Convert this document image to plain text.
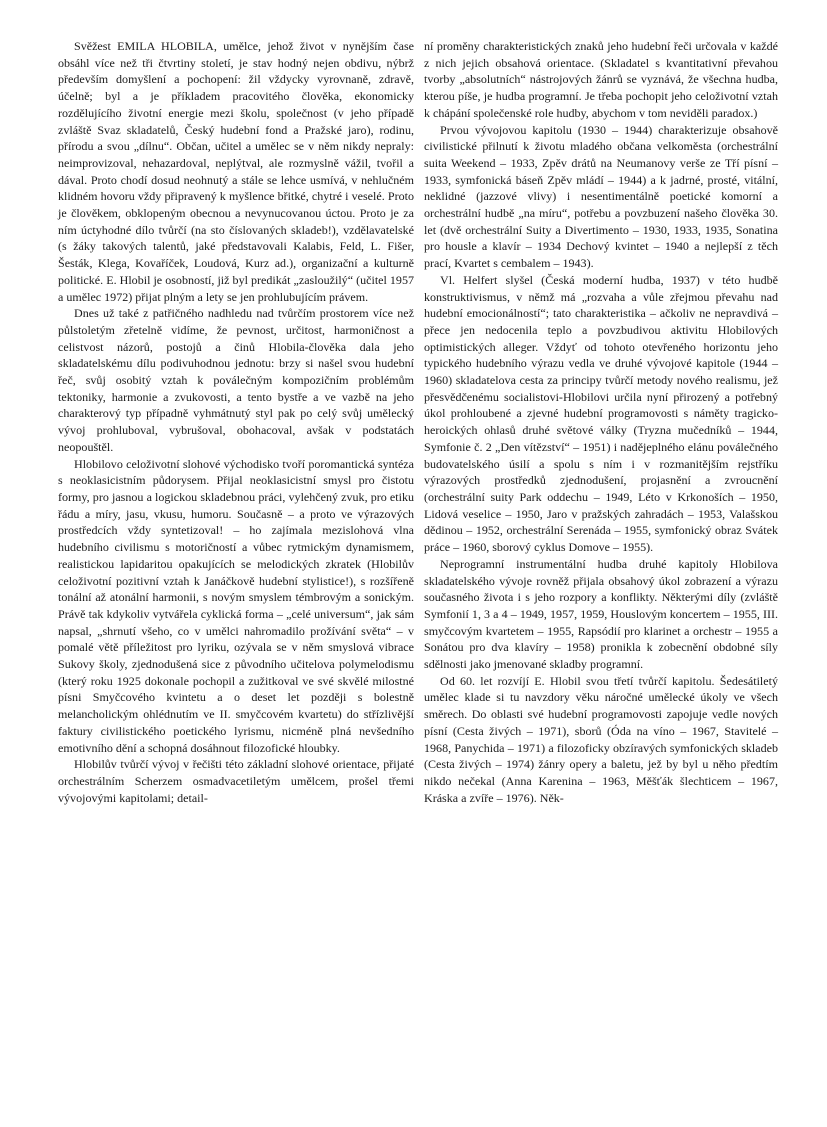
Svěžest EMILA HLOBILA, umělce, jehož život v nynějším čase obsáhl více než tři čtvrtiny století, je stav hodný nejen obdivu, nýbrž především domyšlení a pochopení: žil vždycky vyrovnaně, zdravě, účelně; byl a je příkladem pracovitého člověka, ekonomicky rozdělujícího životní energie mezi školu, společnost (v jeho případě zvláště Svaz skladatelů, Český hudební fond a Pražské jaro), rodinu, přírodu a svou „dílnu“. Občan, učitel a umělec se v něm nikdy nepraly: neimprovizoval, nehazardoval, neplýtval, ale rozmyslně vážil, tvořil a dával. Proto chodí dosud neohnutý a stále se lehce usmívá, v nehlučném klidném hovoru vždy připravený k myšlence břitké, chytré i veselé. Proto je člověkem, obklopeným obecnou a nevynucovanou úctou. Proto je za ním úctyhodné dílo tvůrčí (na sto číslovaných skladeb!), vzdělavatelské (s žáky takových talentů, jaké představovali Kalabis, Feld, L. Fišer, Šesták, Klega, Kovaříček, Loudová, Kurz ad.), organizační a kulturně politické. E. Hlobil je osobností, již byl predikát „zasloužilý“ (učitel 1957 a umělec 1972) přijat plným a lety se jen prohlubujícím právem.

Dnes už také z patřičného nadhledu nad tvůrčím prostorem více než půlstoletým zřetelně vidíme, že pevnost, určitost, harmoničnost a celistvost názorů, postojů a činů Hlobila-člověka dala jeho skladatelskému dílu podivuhodnou jednotu: brzy si našel svou hudební řeč, svůj osobitý vztah k poválečným kompozičním problémům tektoniky, harmonie a zvukovosti, a tento bystře a ve vazbě na jeho charakterový typ případně vyhmátnutý styl pak po celý svůj umělecký vývoj prohluboval, vybrušoval, obohacoval, avšak v podstatách neopouštěl.

Hlobilovo celoživotní slohové východisko tvoří poromantická syntéza s neoklasicistním půdorysem. Přijal neoklasicistní smysl pro čistotu formy, pro jasnou a logickou skladebnou práci, vylehčený zvuk, pro etiku řádu a míry, jasu, vkusu, humoru. Současně – a proto ve výrazových prostředcích vždy syntetizoval! – ho zajímala mezislohová vlna hudebního civilismu s motoričností a vůbec rytmickým dynamismem, realistickou lapidaritou opakujících se melodických zkratek (Hlobilův celoživotní pozitivní vztah k Janáčkově hudební stylistice!), s rozšířeně tonální až atonální harmonii, s novým smyslem témbrovým a sonickým. Právě tak kdykoliv vytvářela cyklická forma – „celé universum“, jak sám napsal, „shrnutí všeho, co v umělci nahromadilo prožívání světa“ – v pomalé větě příležitost pro lyriku, ozývala se v něm smyslová vibrace Sukovy školy, zjednodušená sice z původního učitelova polymelodismu (který roku 1925 dokonale pochopil a zužitkoval ve své skvělé milostné písni Smyčcového kvintetu a o deset let později s bolestně melancholickým ohlédnutím ve II. smyčcovém kvartetu) do střízlivější faktury civilistického poetického lyrismu, nicméně plná nevšedního emotivního dění a schopná dosáhnout filozofické hloubky.

Hlobilův tvůrčí vývoj v řečišti této základní slohové orientace, přijaté orchestrálním Scherzem osmadvacetiletým umělcem, prošel třemi vývojovými kapitolami; detail-

ní proměny charakteristických znaků jeho hudební řeči určovala v každé z nich jejich obsahová orientace. (Skladatel s kvantitativní převahou tvorby „absolutních“ nástrojových žánrů se vyznává, že všechna hudba, kterou píše, je hudba programní. Je třeba pochopit jeho celoživotní vztah k chápání společenské role hudby, abychom v tom neviděli paradox.)

Prvou vývojovou kapitolu (1930 – 1944) charakterizuje obsahově civilistické přilnutí k životu mladého občana velkoměsta (orchestrální suita Weekend – 1933, Zpěv drátů na Neumanovy verše ze Tří písní – 1933, symfonická báseň Zpěv mládí – 1944) a k jadrné, prosté, vitální, neklidné (jazzové vlivy) i nesentimentálně poetické komorní a orchestrální hudbě „na míru“, potřebu a povzbuzení našeho člověka 30. let (dvě orchestrální Suity a Divertimento – 1930, 1933, 1935, Sonatina pro housle a klavír – 1934 Dechový kvintet – 1940 a nejlepší z těch prací, Kvartet s cembalem – 1943).

Vl. Helfert slyšel (Česká moderní hudba, 1937) v této hudbě konstruktivismus, v němž má „rozvaha a vůle zřejmou převahu nad hudební emocionálností“; tato charakteristika – ačkoliv ne nepravdivá – přece jen nedocenila teplo a povzbudivou aktivitu Hlobilových optimistických alleger. Vždyť od tohoto otevřeného horizontu jeho typického hudebního výrazu vedla ve druhé vývojové kapitole (1944 – 1960) skladatelova cesta za principy tvůrčí metody nového realismu, jež přesvědčenému socialistovi-Hlobilovi určila nyní přirozený a potřebný úkol prohloubené a zjevné hudební programovosti s náměty tragicko-heroických ohlasů druhé světové války (Tryzna mučedníků – 1944, Symfonie č. 2 „Den vítězství“ – 1951) i nadějeplného elánu poválečného budovatelského úsilí a spolu s ním i v rozmanitějším rejstříku výrazových prostředků zjednodušení, projasnění a zvroucnění (orchestrální suity Park oddechu – 1949, Léto v Krkonoších – 1950, Lidová veselice – 1950, Jaro v pražských zahradách – 1953, Valašskou dědinou – 1952, orchestrální Serenáda – 1955, symfonický obraz Svátek práce – 1960, sborový cyklus Domove – 1955).

Neprogramní instrumentální hudba druhé kapitoly Hlobilova skladatelského vývoje rovněž přijala obsahový úkol zobrazení a výrazu současného života i s jeho rozpory a konflikty. Některými díly (zvláště Symfonií 1, 3 a 4 – 1949, 1957, 1959, Houslovým koncertem – 1955, III. smyčcovým kvartetem – 1955, Rapsódií pro klarinet a orchestr – 1955 a Sonátou pro dva klavíry – 1958) pronikla k zobecnění obdobné síly sdělnosti jako jmenované skladby programní.

Od 60. let rozvíjí E. Hlobil svou třetí tvůrčí kapitolu. Šedesátiletý umělec klade si tu navzdory věku náročné umělecké úkoly ve všech směrech. Do oblasti své hudební programovosti zapojuje vedle nových písní (Cesta živých – 1971), sborů (Óda na víno – 1967, Stavitelé – 1968, Panychida – 1971) a filozoficky obzíravých symfonických skladeb (Cesta živých – 1974) žánry opery a baletu, jež by byl u něho předtím nikdo nečekal (Anna Karenina – 1963, Měšťák šlechticem – 1967, Kráska a zvíře – 1976). Něk-
